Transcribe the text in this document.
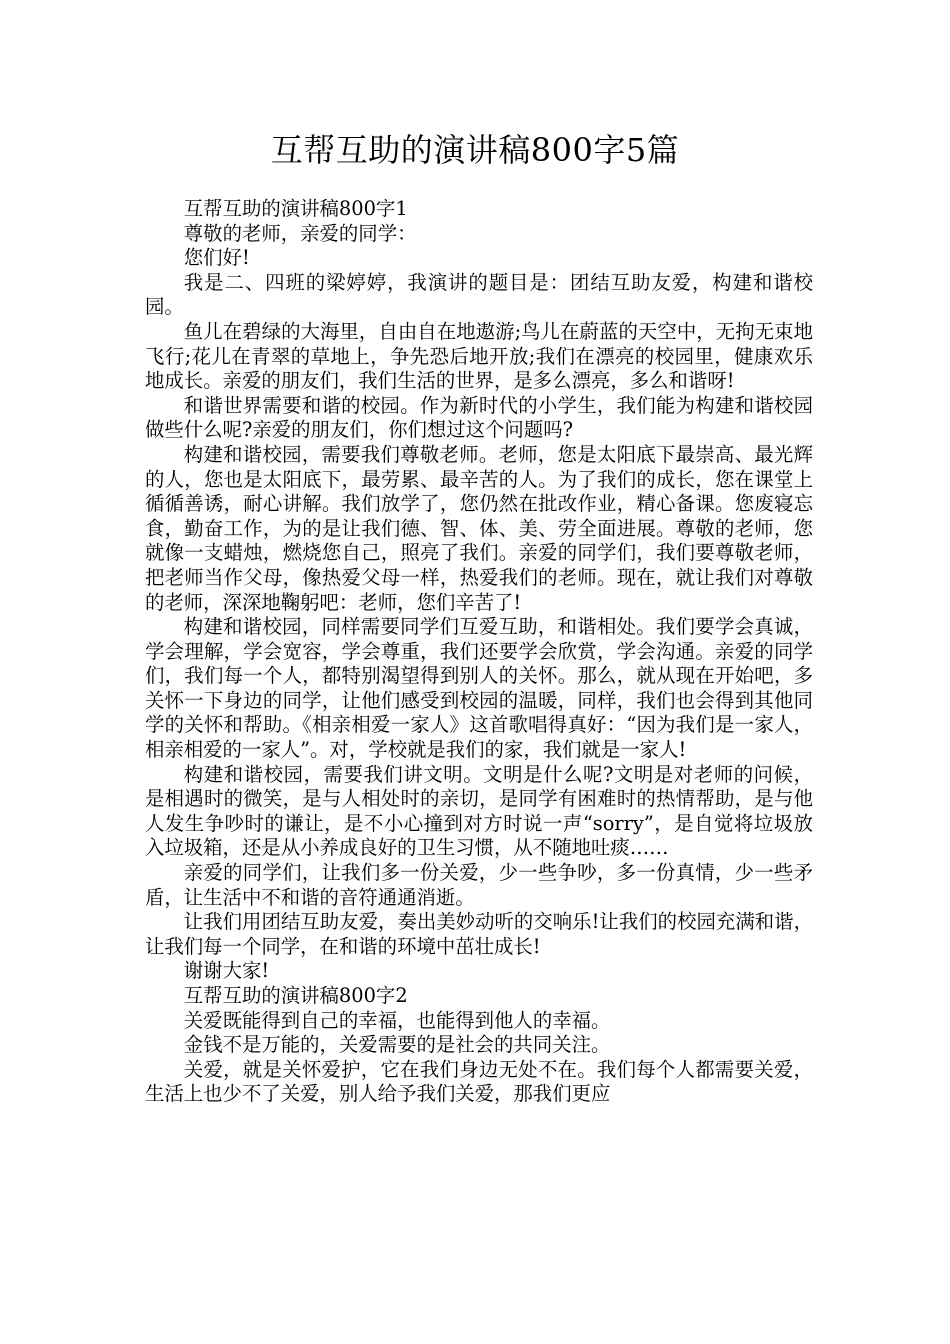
互帮互助的演讲稿800字5篇

互帮互助的演讲稿800字1

尊敬的老师，亲爱的同学：

您们好!

我是二、四班的梁婷婷，我演讲的题目是：团结互助友爱，构建和谐校园。

鱼儿在碧绿的大海里，自由自在地遨游;鸟儿在蔚蓝的天空中，无拘无束地飞行;花儿在青翠的草地上，争先恐后地开放;我们在漂亮的校园里，健康欢乐地成长。亲爱的朋友们，我们生活的世界，是多么漂亮，多么和谐呀!

和谐世界需要和谐的校园。作为新时代的小学生，我们能为构建和谐校园做些什么呢?亲爱的朋友们，你们想过这个问题吗?

构建和谐校园，需要我们尊敬老师。老师，您是太阳底下最崇高、最光辉的人，您也是太阳底下，最劳累、最辛苦的人。为了我们的成长，您在课堂上循循善诱，耐心讲解。我们放学了，您仍然在批改作业，精心备课。您废寝忘食，勤奋工作，为的是让我们德、智、体、美、劳全面进展。尊敬的老师，您就像一支蜡烛，燃烧您自己，照亮了我们。亲爱的同学们，我们要尊敬老师，把老师当作父母，像热爱父母一样，热爱我们的老师。现在，就让我们对尊敬的老师，深深地鞠躬吧：老师，您们辛苦了!

构建和谐校园，同样需要同学们互爱互助，和谐相处。我们要学会真诚，学会理解，学会宽容，学会尊重，我们还要学会欣赏，学会沟通。亲爱的同学们，我们每一个人，都特别渴望得到别人的关怀。那么，就从现在开始吧，多关怀一下身边的同学，让他们感受到校园的温暖，同样，我们也会得到其他同学的关怀和帮助。《相亲相爱一家人》这首歌唱得真好：“因为我们是一家人，相亲相爱的一家人”。对，学校就是我们的家，我们就是一家人!

构建和谐校园，需要我们讲文明。文明是什么呢?文明是对老师的问候，是相遇时的微笑，是与人相处时的亲切，是同学有困难时的热情帮助，是与他人发生争吵时的谦让，是不小心撞到对方时说一声“sorry”，是自觉将垃圾放入垃圾箱，还是从小养成良好的卫生习惯，从不随地吐痰……

亲爱的同学们，让我们多一份关爱，少一些争吵，多一份真情，少一些矛盾，让生活中不和谐的音符通通消逝。

让我们用团结互助友爱，奏出美妙动听的交响乐!让我们的校园充满和谐，让我们每一个同学，在和谐的环境中茁壮成长!

谢谢大家!

互帮互助的演讲稿800字2

关爱既能得到自己的幸福，也能得到他人的幸福。

金钱不是万能的，关爱需要的是社会的共同关注。

关爱，就是关怀爱护，它在我们身边无处不在。我们每个人都需要关爱，生活上也少不了关爱，别人给予我们关爱，那我们更应
